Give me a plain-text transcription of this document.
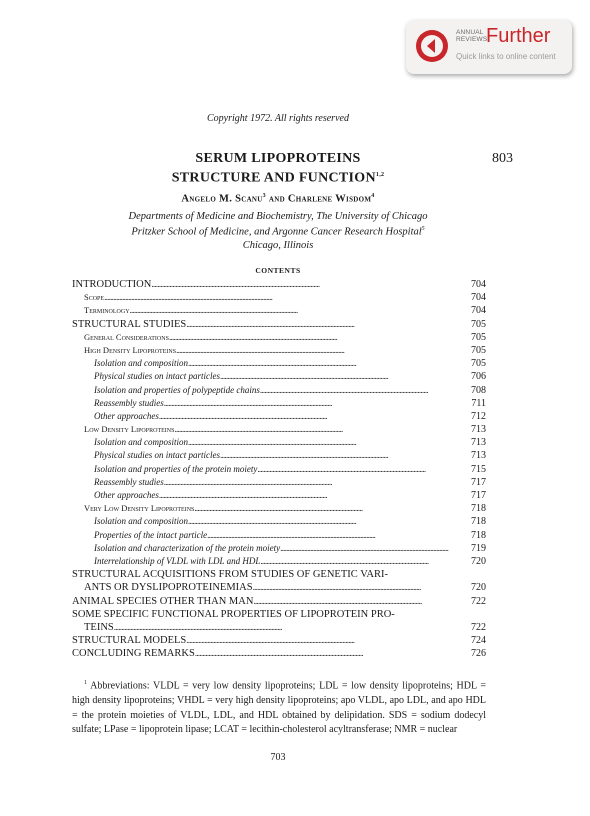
ANNUAL
REVIEWS
Further
Quick links to online content
Copyright 1972. All rights reserved
SERUM LIPOPROTEINS
STRUCTURE AND FUNCTION$^{1,2}$
803
Angelo M. Scanu$^3$ and Charlene Wisdom$^4$
Departments of Medicine and Biochemistry, The University of Chicago
Pritzker School of Medicine, and Argonne Cancer Research Hospital$^5$
Chicago, Illinois
CONTENTS
INTRODUCTION . . .	704
Scope . . .	704
Terminology . . .	704
STRUCTURAL STUDIES . . .	705
General Considerations . . .	705
High Density Lipoproteins . . .	705
Isolation and composition . . .	705
Physical studies on intact particles . . .	706
Isolation and properties of polypeptide chains . . .	708
Reassembly studies . . .	711
Other approaches . . .	712
Low Density Lipoproteins . . .	713
Isolation and composition . . .	713
Physical studies on intact particles . . .	713
Isolation and properties of the protein moiety . . .	715
Reassembly studies . . .	717
Other approaches . . .	717
Very Low Density Lipoproteins . . .	718
Isolation and composition . . .	718
Properties of the intact particle . . .	718
Isolation and characterization of the protein moiety . . .	719
Interrelationship of VLDL with LDL and HDL . . .	720
STRUCTURAL ACQUISITIONS FROM STUDIES OF GENETIC VARI-
ANTS OR DYSLIPOPROTEINEMIAS . . .	720
ANIMAL SPECIES OTHER THAN MAN . . .	722
SOME SPECIFIC FUNCTIONAL PROPERTIES OF LIPOPROTEIN PRO-
TEINS . . .	722
STRUCTURAL MODELS . . .	724
CONCLUDING REMARKS . . .	726
$^1$ Abbreviations: VLDL = very low density lipoproteins; LDL = low density lipoproteins; HDL = high density lipoproteins; VHDL = very high density lipoproteins; apo VLDL, apo LDL, and apo HDL = the protein moieties of VLDL, LDL, and HDL obtained by delipidation. SDS = sodium dodecyl sulfate; LPase = lipoprotein lipase; LCAT = lecithin-cholesterol acyltransferase; NMR = nuclear
703
